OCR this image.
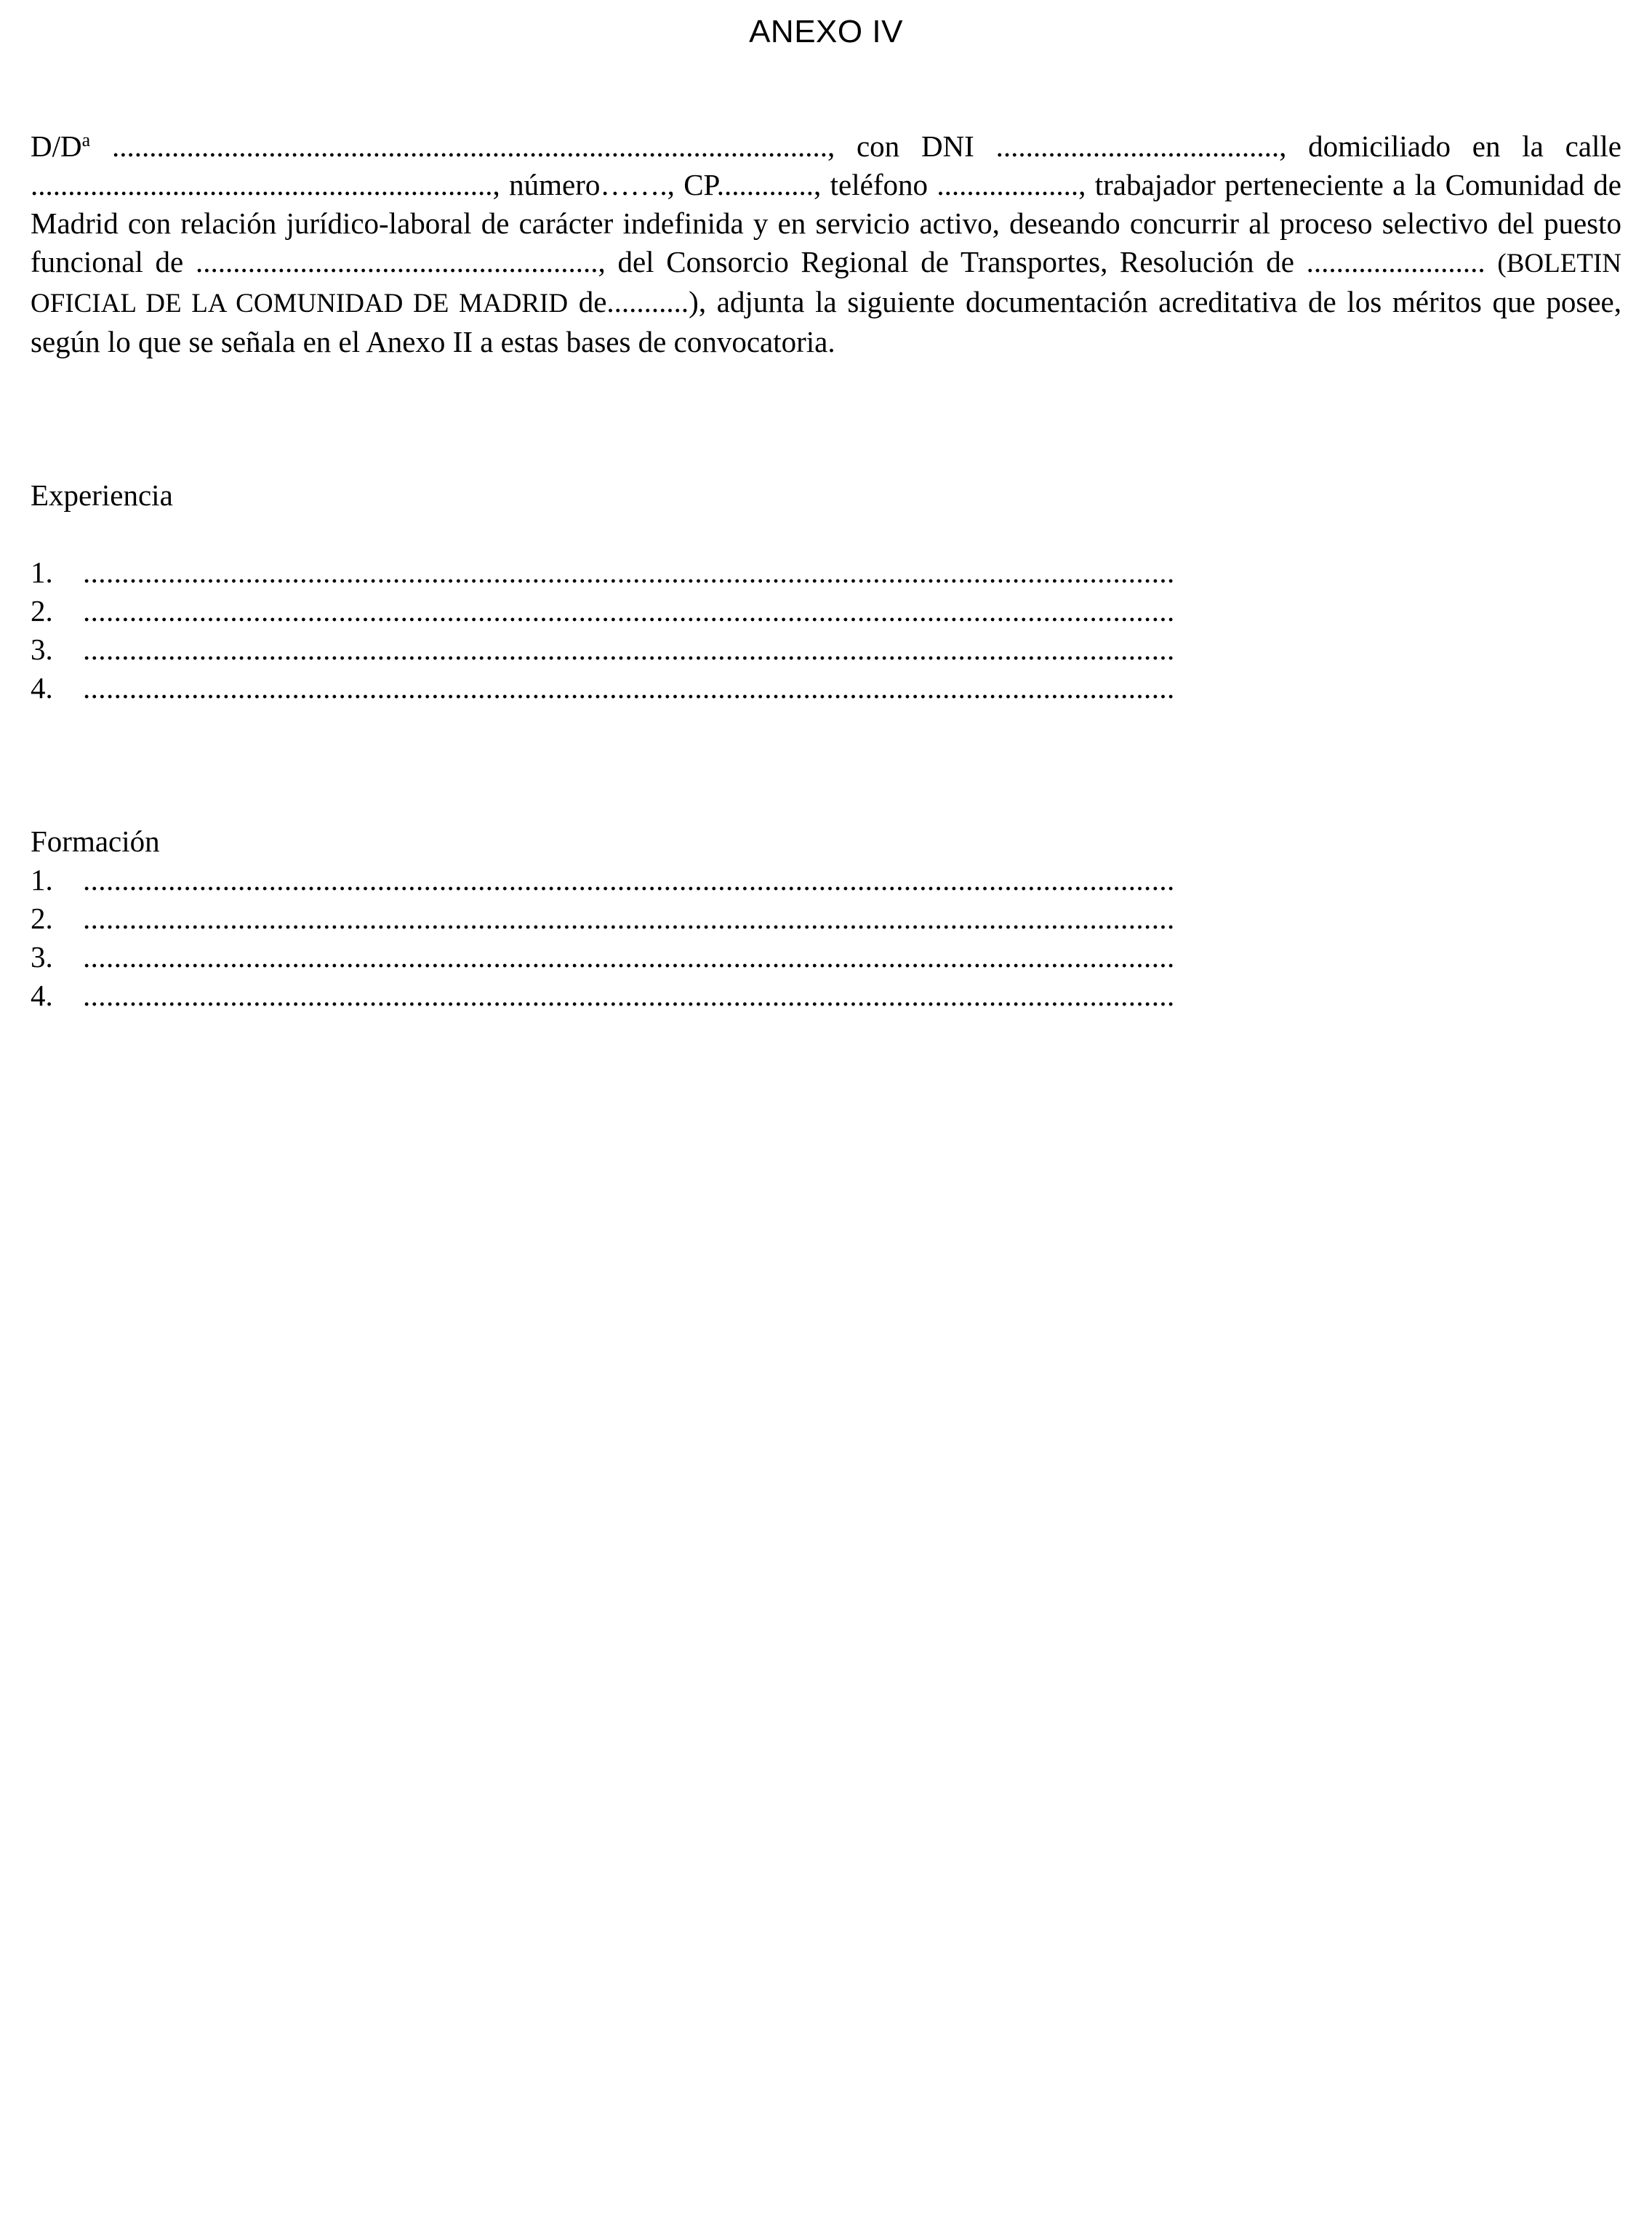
ANEXO IV

$D/D^a$ ................................................................................................, con DNI ......................................, domiciliado en la calle .............................................................., número……., CP............., teléfono ..................., trabajador perteneciente a la Comunidad de Madrid con relación jurídico-laboral de carácter indefinida y en servicio activo, deseando concurrir al proceso selectivo del puesto funcional de ......................................................, del Consorcio Regional de Transportes, Resolución de ........................ (BOLETIN OFICIAL DE LA COMUNIDAD DE MADRID de...........), adjunta la siguiente documentación acreditativa de los méritos que posee, según lo que se señala en el Anexo II a estas bases de convocatoria.

Experiencia
1. .............................................................................................................................................
2. .............................................................................................................................................
3. .............................................................................................................................................
4. .............................................................................................................................................
Formación
1. .............................................................................................................................................
2. .............................................................................................................................................
3. .............................................................................................................................................
4. .............................................................................................................................................
